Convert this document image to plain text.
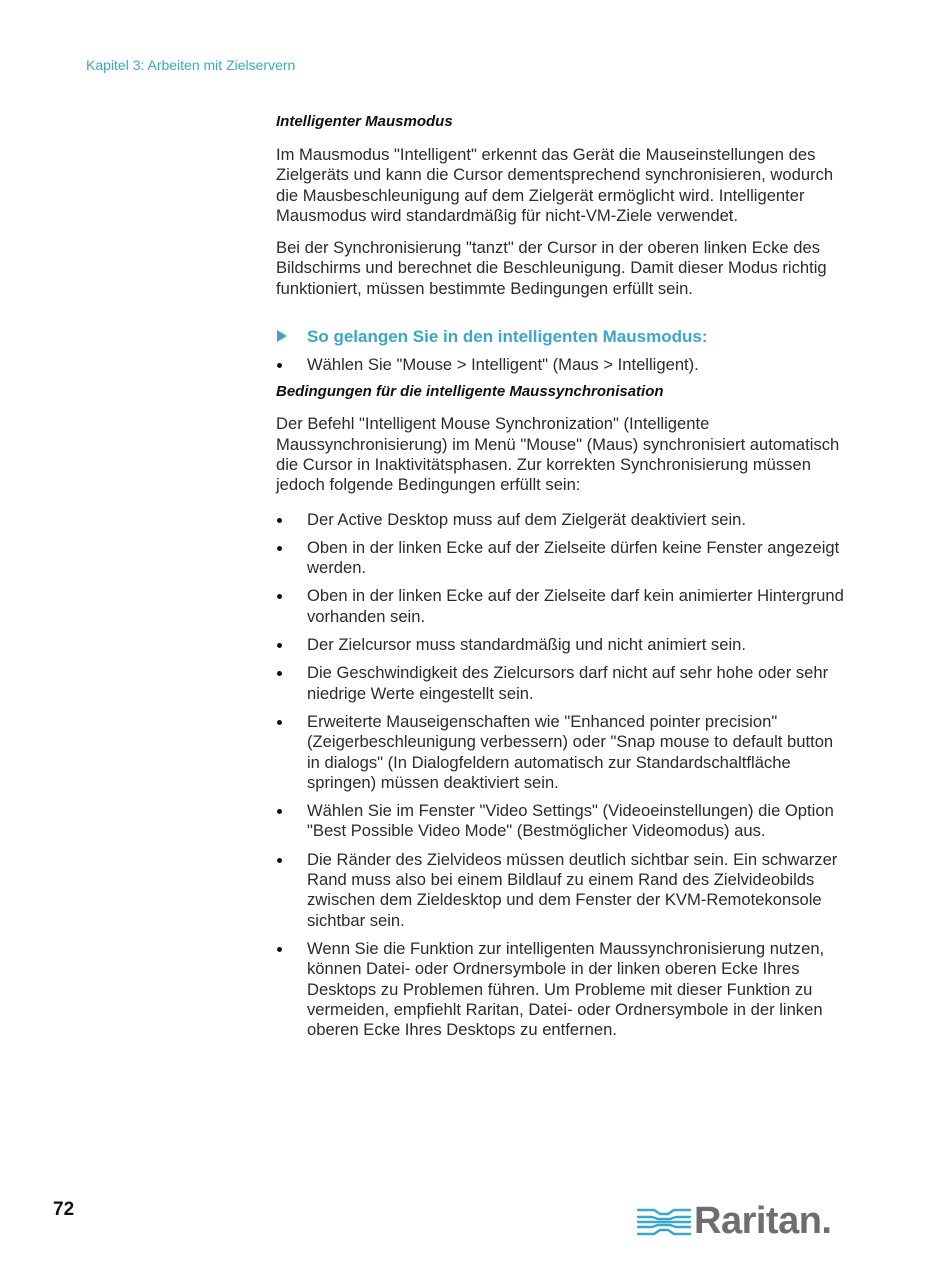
Kapitel 3: Arbeiten mit Zielservern

Intelligenter Mausmodus

Im Mausmodus "Intelligent" erkennt das Gerät die Mauseinstellungen des Zielgeräts und kann die Cursor dementsprechend synchronisieren, wodurch die Mausbeschleunigung auf dem Zielgerät ermöglicht wird. Intelligenter Mausmodus wird standardmäßig für nicht-VM-Ziele verwendet.

Bei der Synchronisierung "tanzt" der Cursor in der oberen linken Ecke des Bildschirms und berechnet die Beschleunigung. Damit dieser Modus richtig funktioniert, müssen bestimmte Bedingungen erfüllt sein.

So gelangen Sie in den intelligenten Mausmodus:
Wählen Sie "Mouse > Intelligent" (Maus > Intelligent).

Bedingungen für die intelligente Maussynchronisation

Der Befehl "Intelligent Mouse Synchronization" (Intelligente Maussynchronisierung) im Menü "Mouse" (Maus) synchronisiert automatisch die Cursor in Inaktivitätsphasen. Zur korrekten Synchronisierung müssen jedoch folgende Bedingungen erfüllt sein:

Der Active Desktop muss auf dem Zielgerät deaktiviert sein.
Oben in der linken Ecke auf der Zielseite dürfen keine Fenster angezeigt werden.
Oben in der linken Ecke auf der Zielseite darf kein animierter Hintergrund vorhanden sein.
Der Zielcursor muss standardmäßig und nicht animiert sein.
Die Geschwindigkeit des Zielcursors darf nicht auf sehr hohe oder sehr niedrige Werte eingestellt sein.
Erweiterte Mauseigenschaften wie "Enhanced pointer precision" (Zeigerbeschleunigung verbessern) oder "Snap mouse to default button in dialogs" (In Dialogfeldern automatisch zur Standardschaltfläche springen) müssen deaktiviert sein.
Wählen Sie im Fenster "Video Settings" (Videoeinstellungen) die Option "Best Possible Video Mode" (Bestmöglicher Videomodus) aus.
Die Ränder des Zielvideos müssen deutlich sichtbar sein. Ein schwarzer Rand muss also bei einem Bildlauf zu einem Rand des Zielvideobilds zwischen dem Zieldesktop und dem Fenster der KVM-Remotekonsole sichtbar sein.
Wenn Sie die Funktion zur intelligenten Maussynchronisierung nutzen, können Datei- oder Ordnersymbole in der linken oberen Ecke Ihres Desktops zu Problemen führen. Um Probleme mit dieser Funktion zu vermeiden, empfiehlt Raritan, Datei- oder Ordnersymbole in der linken oberen Ecke Ihres Desktops zu entfernen.
72	Raritan.
